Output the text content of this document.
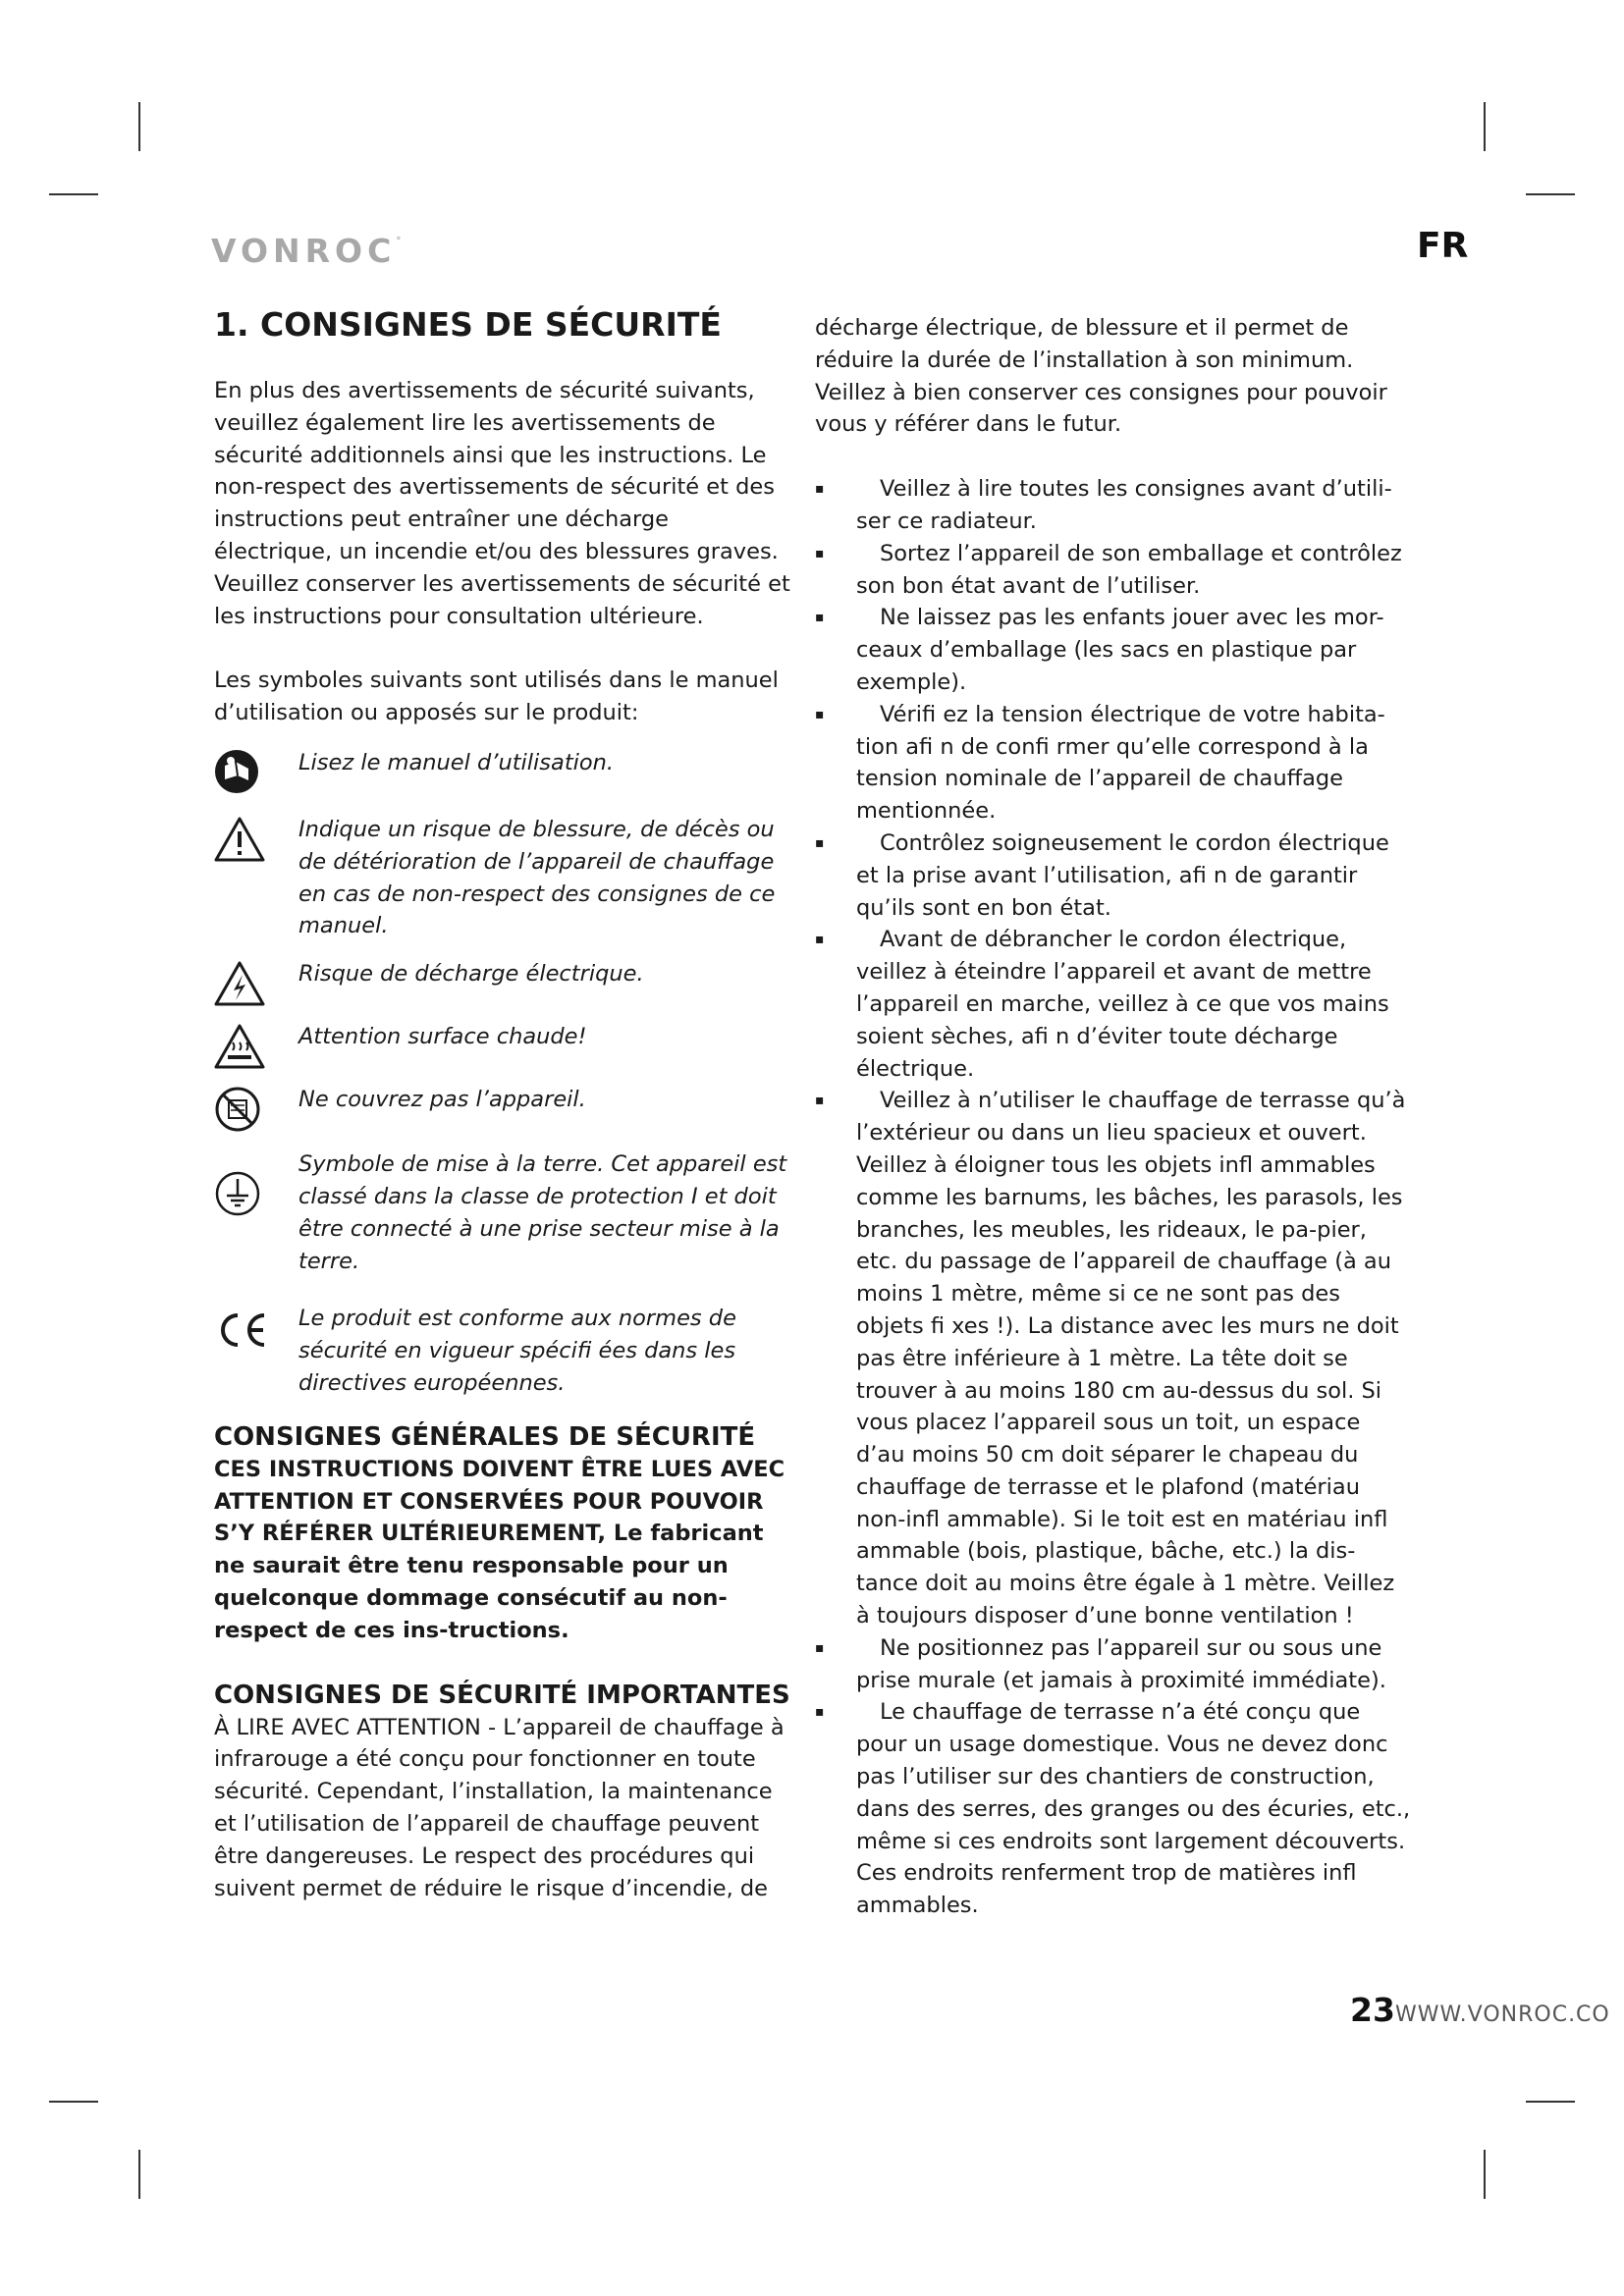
VONROC°	FR
1. CONSIGNES DE SÉCURITÉ

En plus des avertissements de sécurité suivants, veuillez également lire les avertissements de sécurité additionnels ainsi que les instructions. Le non-respect des avertissements de sécurité et des instructions peut entraîner une décharge électrique, un incendie et/ou des blessures graves. Veuillez conserver les avertissements de sécurité et les instructions pour consultation ultérieure.

Les symboles suivants sont utilisés dans le manuel d’utilisation ou apposés sur le produit:

Lisez le manuel d’utilisation.
Indique un risque de blessure, de décès ou de détérioration de l’appareil de chauffage en cas de non-respect des consignes de ce manuel.
Risque de décharge électrique.
Attention surface chaude!
Ne couvrez pas l’appareil.
Symbole de mise à la terre. Cet appareil est classé dans la classe de protection I et doit être connecté à une prise secteur mise à la terre.
Le produit est conforme aux normes de sécurité en vigueur spécifi ées dans les directives européennes.
CONSIGNES GÉNÉRALES DE SÉCURITÉ

CES INSTRUCTIONS DOIVENT ÊTRE LUES AVEC ATTENTION ET CONSERVÉES POUR POUVOIR S’Y RÉFÉRER ULTÉRIEUREMENT, Le fabricant ne saurait être tenu responsable pour un quelconque dommage consécutif au non-respect de ces ins-tructions.

CONSIGNES DE SÉCURITÉ IMPORTANTES

À LIRE AVEC ATTENTION - L’appareil de chauffage à infrarouge a été conçu pour fonctionner en toute sécurité. Cependant, l’installation, la maintenance et l’utilisation de l’appareil de chauffage peuvent être dangereuses. Le respect des procédures qui suivent permet de réduire le risque d’incendie, de

décharge électrique, de blessure et il permet de réduire la durée de l’installation à son minimum. Veillez à bien conserver ces consignes pour pouvoir vous y référer dans le futur.

▪ Veillez à lire toutes les consignes avant d’utili-ser ce radiateur.
▪ Sortez l’appareil de son emballage et contrôlez son bon état avant de l’utiliser.
▪ Ne laissez pas les enfants jouer avec les mor-ceaux d’emballage (les sacs en plastique par exemple).
▪ Vérifi ez la tension électrique de votre habita-tion afi n de confi rmer qu’elle correspond à la tension nominale de l’appareil de chauffage mentionnée.
▪ Contrôlez soigneusement le cordon électrique et la prise avant l’utilisation, afi n de garantir qu’ils sont en bon état.
▪ Avant de débrancher le cordon électrique, veillez à éteindre l’appareil et avant de mettre l’appareil en marche, veillez à ce que vos mains soient sèches, afi n d’éviter toute décharge électrique.
▪ Veillez à n’utiliser le chauffage de terrasse qu’à l’extérieur ou dans un lieu spacieux et ouvert. Veillez à éloigner tous les objets infl ammables comme les barnums, les bâches, les parasols, les branches, les meubles, les rideaux, le pa-pier, etc. du passage de l’appareil de chauffage (à au moins 1 mètre, même si ce ne sont pas des objets fi xes !). La distance avec les murs ne doit pas être inférieure à 1 mètre. La tête doit se trouver à au moins 180 cm au-dessus du sol. Si vous placez l’appareil sous un toit, un espace d’au moins 50 cm doit séparer le chapeau du chauffage de terrasse et le plafond (matériau non-infl ammable). Si le toit est en matériau infl ammable (bois, plastique, bâche, etc.) la dis-tance doit au moins être égale à 1 mètre. Veillez à toujours disposer d’une bonne ventilation !
▪ Ne positionnez pas l’appareil sur ou sous une prise murale (et jamais à proximité immédiate).
▪ Le chauffage de terrasse n’a été conçu que pour un usage domestique. Vous ne devez donc pas l’utiliser sur des chantiers de construction, dans des serres, des granges ou des écuries, etc., même si ces endroits sont largement découverts. Ces endroits renferment trop de matières infl ammables.
23WWW.VONROC.CO
